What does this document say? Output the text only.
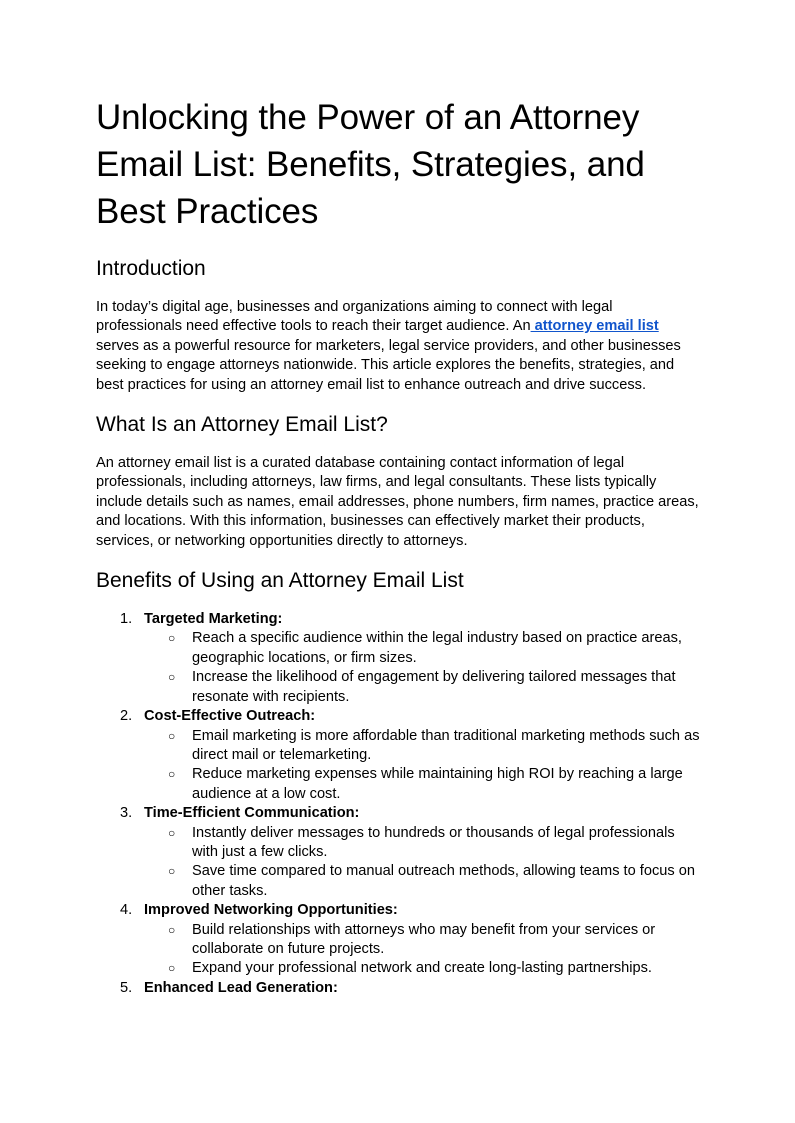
Unlocking the Power of an Attorney Email List: Benefits, Strategies, and Best Practices
Introduction

In today’s digital age, businesses and organizations aiming to connect with legal professionals need effective tools to reach their target audience. An attorney email list serves as a powerful resource for marketers, legal service providers, and other businesses seeking to engage attorneys nationwide. This article explores the benefits, strategies, and best practices for using an attorney email list to enhance outreach and drive success.

What Is an Attorney Email List?

An attorney email list is a curated database containing contact information of legal professionals, including attorneys, law firms, and legal consultants. These lists typically include details such as names, email addresses, phone numbers, firm names, practice areas, and locations. With this information, businesses can effectively market their products, services, or networking opportunities directly to attorneys.

Benefits of Using an Attorney Email List
1. Targeted Marketing:
○ Reach a specific audience within the legal industry based on practice areas, geographic locations, or firm sizes.
○ Increase the likelihood of engagement by delivering tailored messages that resonate with recipients.
2. Cost-Effective Outreach:
○ Email marketing is more affordable than traditional marketing methods such as direct mail or telemarketing.
○ Reduce marketing expenses while maintaining high ROI by reaching a large audience at a low cost.
3. Time-Efficient Communication:
○ Instantly deliver messages to hundreds or thousands of legal professionals with just a few clicks.
○ Save time compared to manual outreach methods, allowing teams to focus on other tasks.
4. Improved Networking Opportunities:
○ Build relationships with attorneys who may benefit from your services or collaborate on future projects.
○ Expand your professional network and create long-lasting partnerships.
5. Enhanced Lead Generation:
